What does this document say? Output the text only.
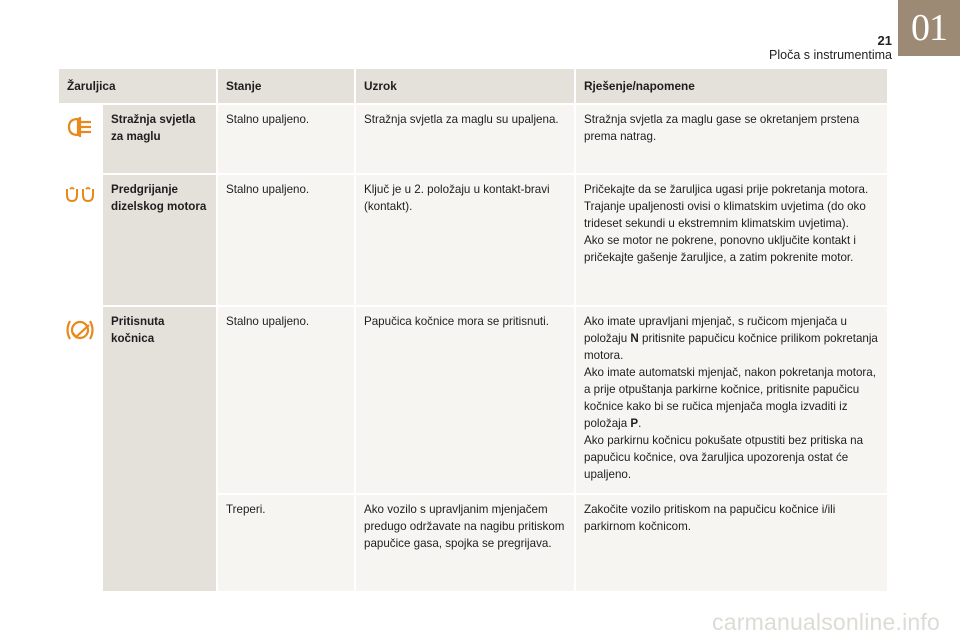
21
Ploča s instrumentima
01
Žaruljica		Stanje	Uzrok	Rješenje/napomene
	Stražnja svjetla za maglu	Stalno upaljeno.	Stražnja svjetla za maglu su upaljena.	Stražnja svjetla za maglu gase se okretanjem prstena prema natrag.
	Predgrijanje dizelskog motora	Stalno upaljeno.	Ključ je u 2. položaju u kontakt-bravi (kontakt).	Pričekajte da se žaruljica ugasi prije pokretanja motora.
Trajanje upaljenosti ovisi o klimatskim uvjetima (do oko trideset sekundi u ekstremnim klimatskim uvjetima).
Ako se motor ne pokrene, ponovno uključite kontakt i pričekajte gašenje žaruljice, a zatim pokrenite motor.

	Pritisnuta kočnica	Stalno upaljeno.	Papučica kočnice mora se pritisnuti.	Ako imate upravljani mjenjač, s ručicom mjenjača u položaju N pritisnite papučicu kočnice prilikom pokretanja motora.
Ako imate automatski mjenjač, nakon pokretanja motora, a prije otpuštanja parkirne kočnice, pritisnite papučicu kočnice kako bi se ručica mjenjača mogla izvaditi iz položaja P.
Ako parkirnu kočnicu pokušate otpustiti bez pritiska na papučicu kočnice, ova žaruljica upozorenja ostat će upaljeno.

		Treperi.	Ako vozilo s upravljanim mjenjačem predugo održavate na nagibu pritiskom papučice gasa, spojka se pregrijava.	Zakočite vozilo pritiskom na papučicu kočnice i/ili parkirnom kočnicom.
carmanualsonline.info
